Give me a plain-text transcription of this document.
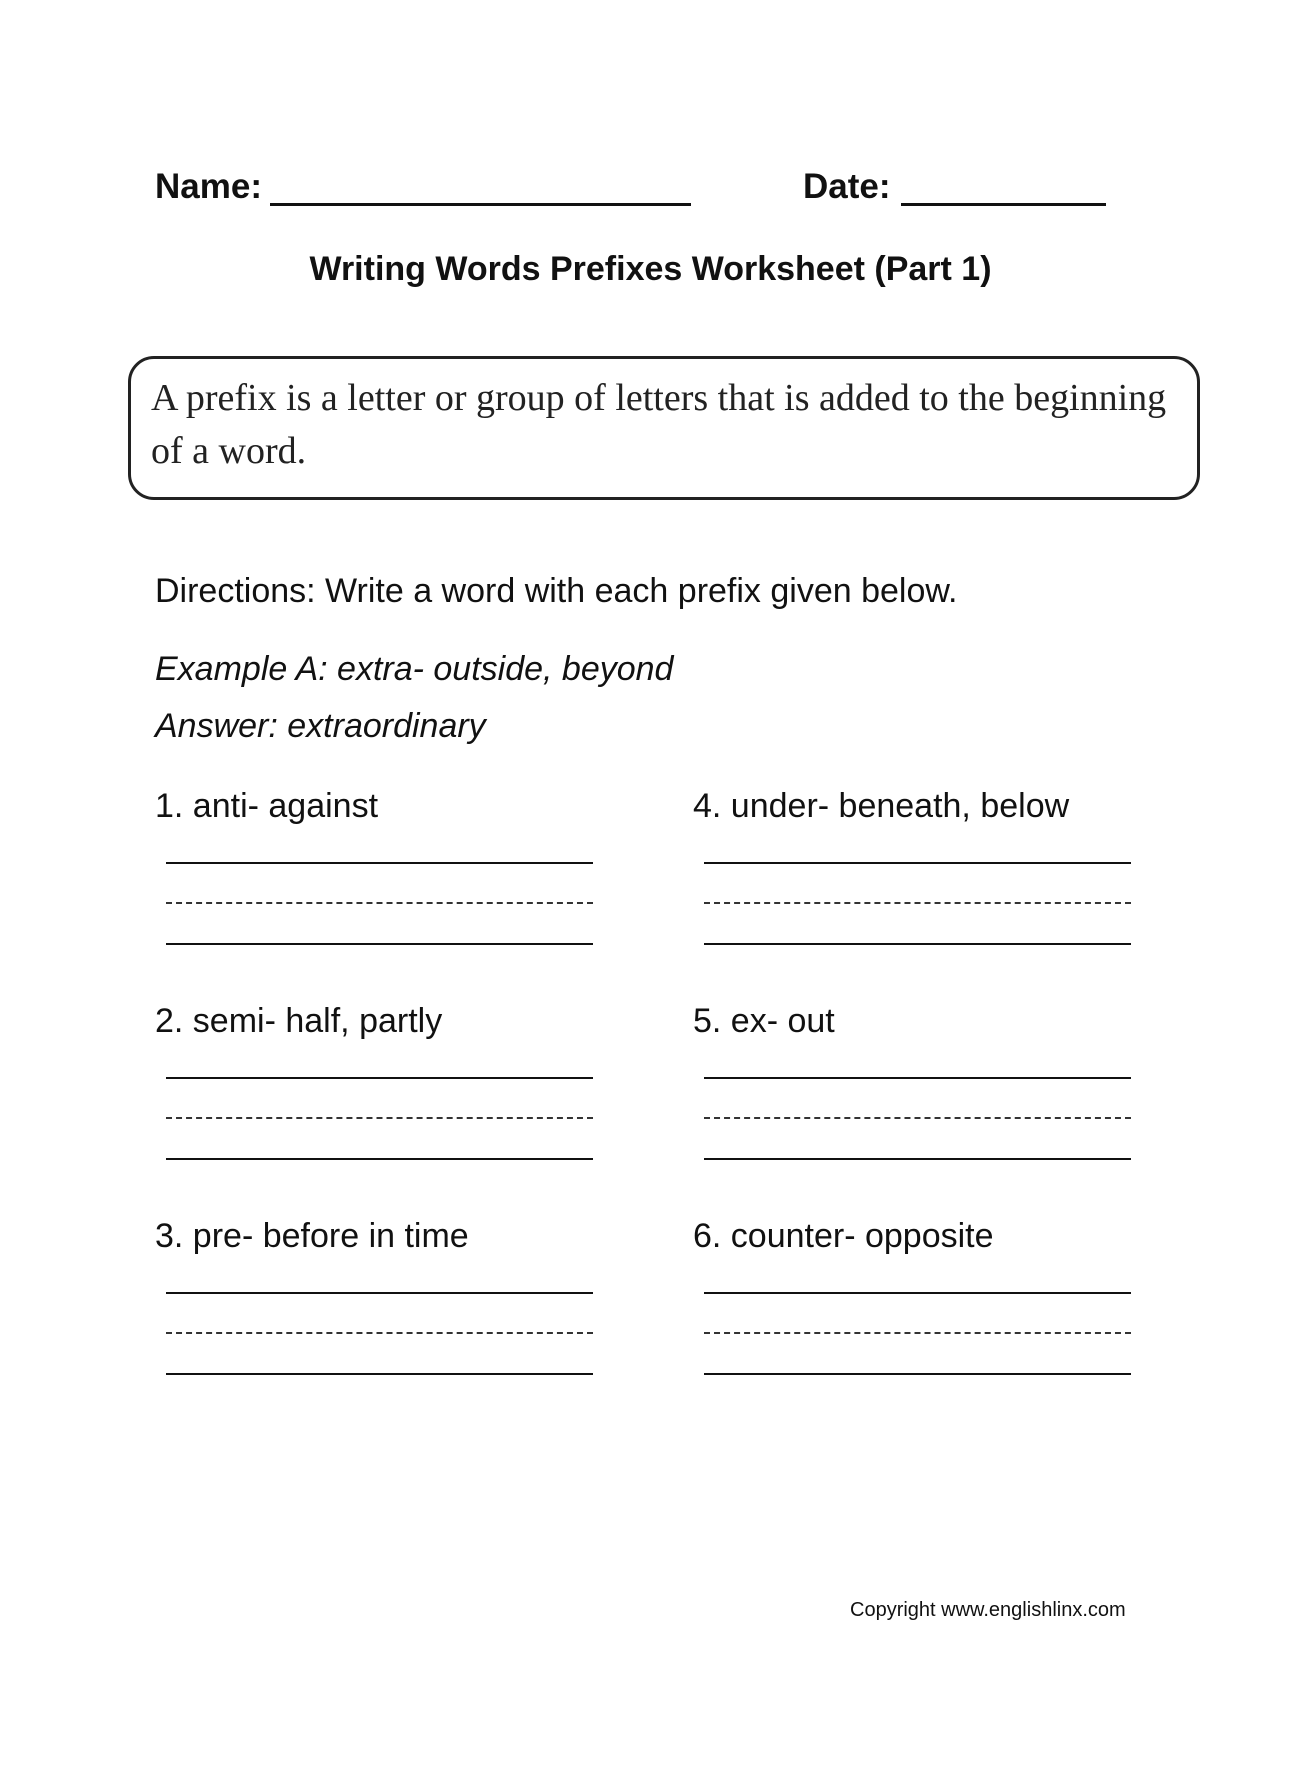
Name:	Date:
Writing Words Prefixes Worksheet (Part 1)
A prefix is a letter or group of letters that is added to the beginning of a word.
Directions: Write a word with each prefix given below.
Example A: extra- outside, beyond
Answer: extraordinary
1. anti- against
2. semi- half, partly
3. pre- before in time
4. under- beneath, below
5. ex- out
6. counter- opposite
Copyright www.englishlinx.com
